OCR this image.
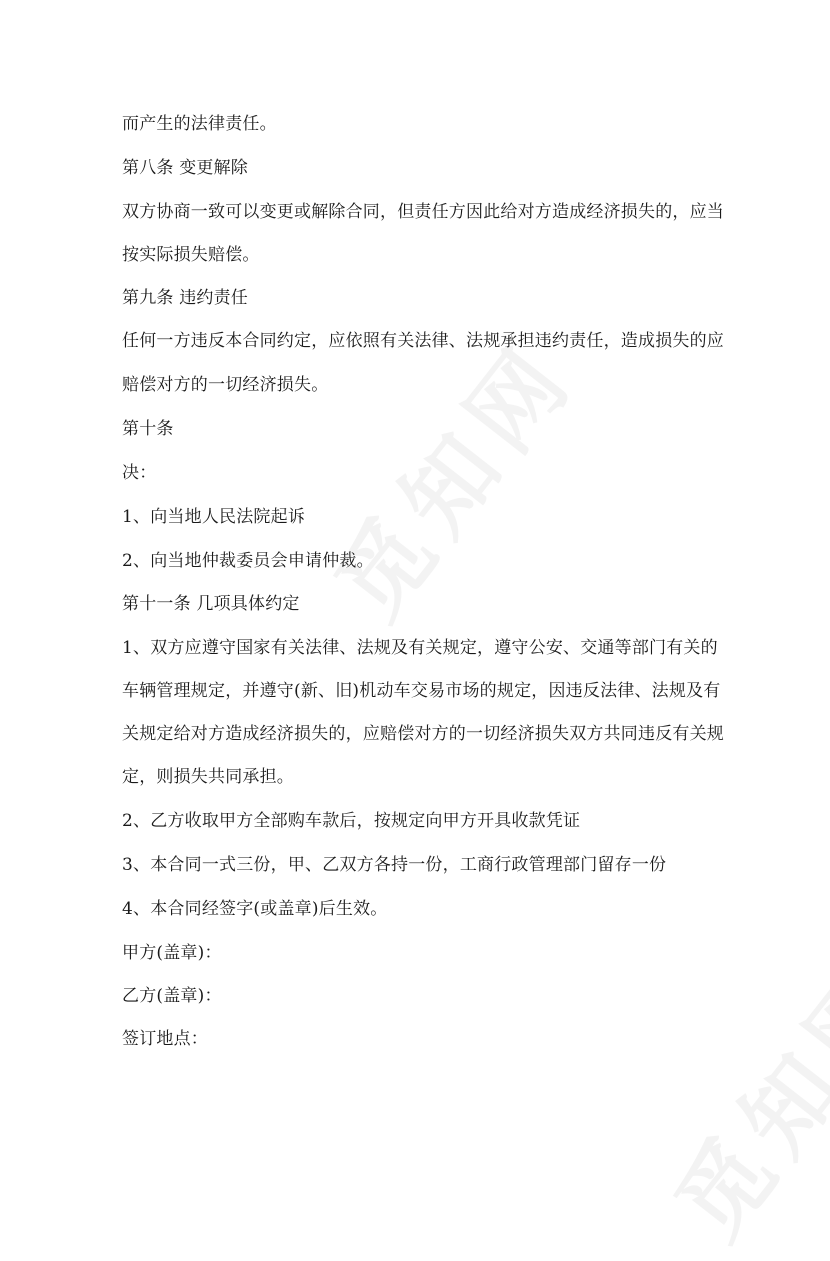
而产生的法律责任。
第八条 变更解除
双方协商一致可以变更或解除合同，但责任方因此给对方造成经济损失的，应当
按实际损失赔偿。
第九条 违约责任
任何一方违反本合同约定，应依照有关法律、法规承担违约责任，造成损失的应
赔偿对方的一切经济损失。
第十条
决：
1、向当地人民法院起诉
2、向当地仲裁委员会申请仲裁。
第十一条 几项具体约定
1、双方应遵守国家有关法律、法规及有关规定，遵守公安、交通等部门有关的
车辆管理规定，并遵守(新、旧)机动车交易市场的规定，因违反法律、法规及有
关规定给对方造成经济损失的，应赔偿对方的一切经济损失双方共同违反有关规
定，则损失共同承担。
2、乙方收取甲方全部购车款后，按规定向甲方开具收款凭证
3、本合同一式三份，甲、乙双方各持一份，工商行政管理部门留存一份
4、本合同经签字(或盖章)后生效。
甲方(盖章)：
乙方(盖章)：
签订地点：
